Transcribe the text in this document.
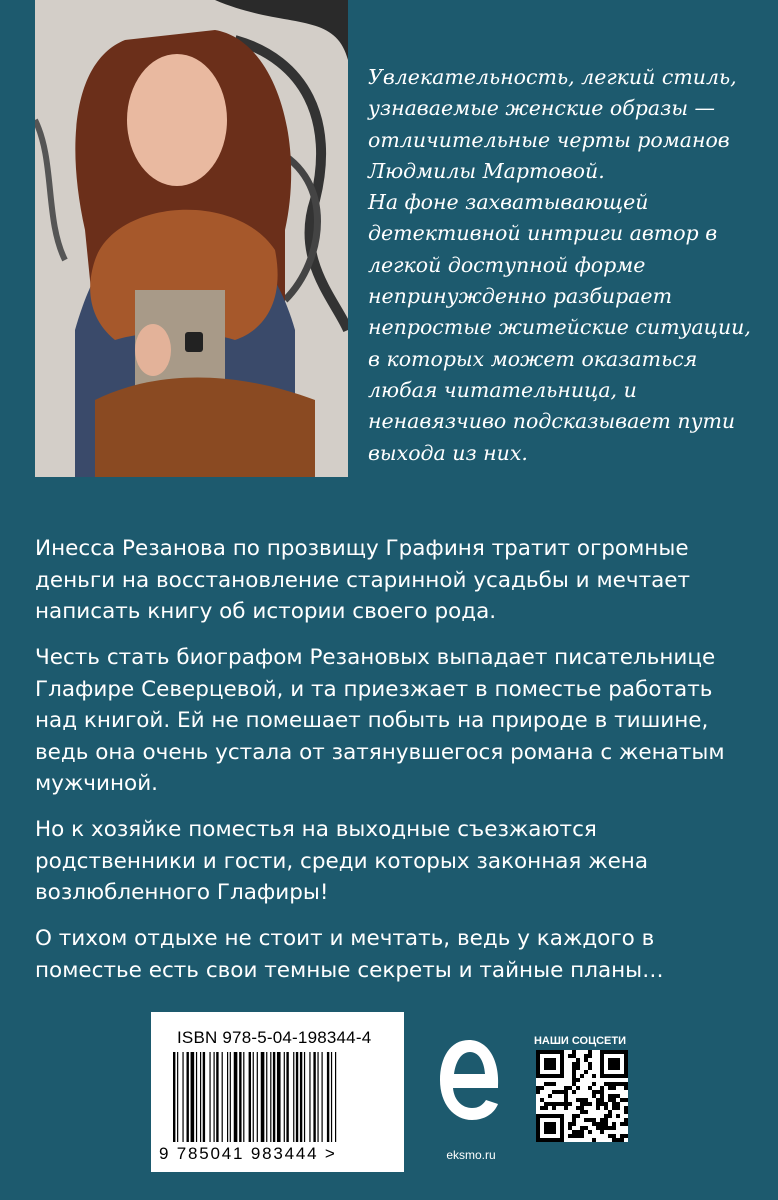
Увлекательность, легкий стиль, узнаваемые женские образы — отличительные черты романов Людмилы Мартовой.

На фоне захватывающей детективной интриги автор в легкой доступной форме непринужденно разбирает непростые житейские ситуации, в которых может оказаться любая читательница, и ненавязчиво подсказывает пути выхода из них.

Инесса Резанова по прозвищу Графиня тратит огромные деньги на восстановление старинной усадьбы и мечтает написать книгу об истории своего рода.

Честь стать биографом Резановых выпадает писательнице Глафире Северцевой, и та приезжает в поместье работать над книгой. Ей не помешает побыть на природе в тишине, ведь она очень устала от затянувшегося романа с женатым мужчиной.

Но к хозяйке поместья на выходные съезжаются родственники и гости, среди которых законная жена возлюбленного Глафиры!

О тихом отдыхе не стоит и мечтать, ведь у каждого в поместье есть свои темные секреты и тайные планы…

ISBN 978-5-04-198344-4
9 785041 983444 >	eksmo.ru
НАШИ СОЦСЕТИ
